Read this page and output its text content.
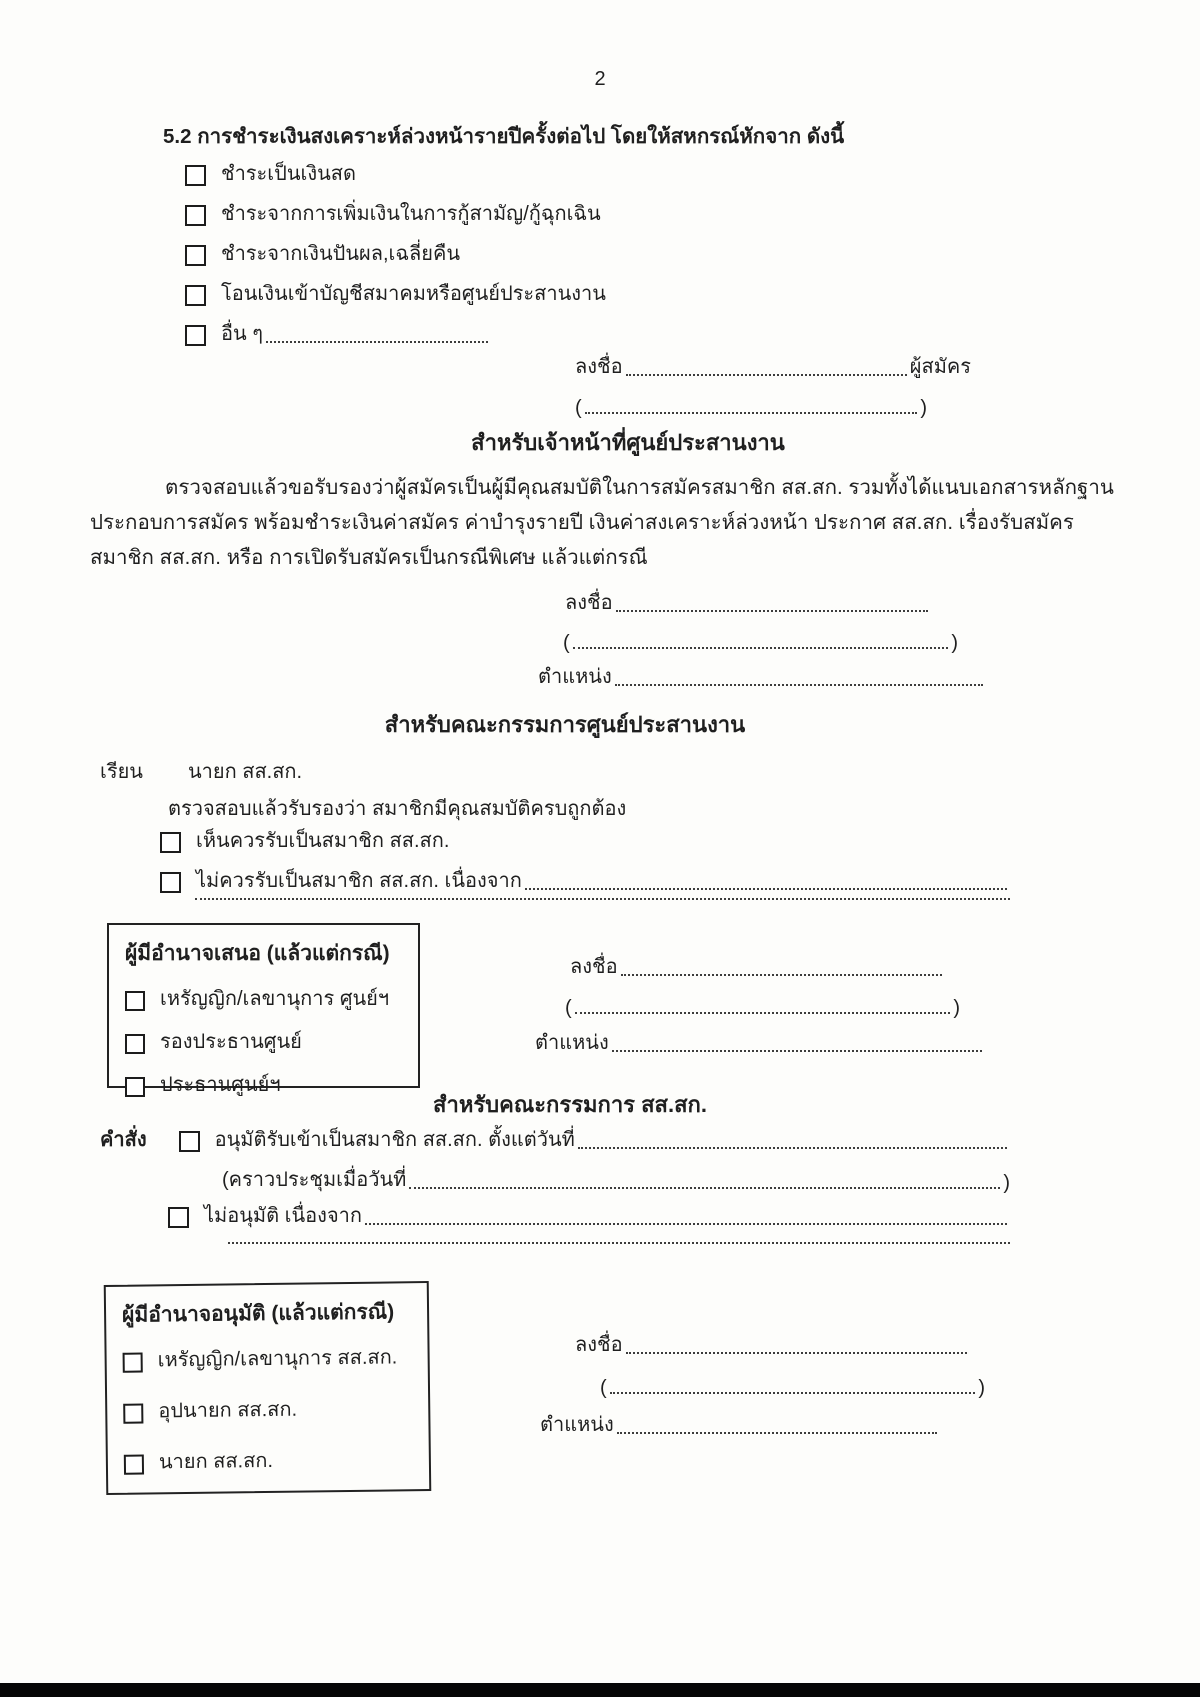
2
5.2 การชำระเงินสงเคราะห์ล่วงหน้ารายปีครั้งต่อไป โดยให้สหกรณ์หักจาก ดังนี้
ชำระเป็นเงินสด
ชำระจากการเพิ่มเงินในการกู้สามัญ/กู้ฉุกเฉิน
ชำระจากเงินปันผล,เฉลี่ยคืน
โอนเงินเข้าบัญชีสมาคมหรือศูนย์ประสานงาน
อื่น ๆ
ลงชื่อ	ผู้สมัคร
(	)
สำหรับเจ้าหน้าที่ศูนย์ประสานงาน
ตรวจสอบแล้วขอรับรองว่าผู้สมัครเป็นผู้มีคุณสมบัติในการสมัครสมาชิก สส.สก. รวมทั้งได้แนบเอกสารหลักฐานประกอบการสมัคร พร้อมชำระเงินค่าสมัคร ค่าบำรุงรายปี เงินค่าสงเคราะห์ล่วงหน้า ประกาศ สส.สก. เรื่องรับสมัครสมาชิก สส.สก. หรือ การเปิดรับสมัครเป็นกรณีพิเศษ แล้วแต่กรณี
ลงชื่อ
(	)
ตำแหน่ง
สำหรับคณะกรรมการศูนย์ประสานงาน
เรียน นายก สส.สก.
ตรวจสอบแล้วรับรองว่า สมาชิกมีคุณสมบัติครบถูกต้อง
เห็นควรรับเป็นสมาชิก สส.สก.
ไม่ควรรับเป็นสมาชิก สส.สก. เนื่องจาก
ผู้มีอำนาจเสนอ (แล้วแต่กรณี)
เหรัญญิก/เลขานุการ ศูนย์ฯ
รองประธานศูนย์
ประธานศูนย์ฯ
ลงชื่อ
(	)
ตำแหน่ง
สำหรับคณะกรรมการ สส.สก.
คำสั่ง	อนุมัติรับเข้าเป็นสมาชิก สส.สก. ตั้งแต่วันที่
(คราวประชุมเมื่อวันที่	)
ไม่อนุมัติ เนื่องจาก
ผู้มีอำนาจอนุมัติ (แล้วแต่กรณี)
เหรัญญิก/เลขานุการ สส.สก.
อุปนายก สส.สก.
นายก สส.สก.
ลงชื่อ
(	)
ตำแหน่ง
